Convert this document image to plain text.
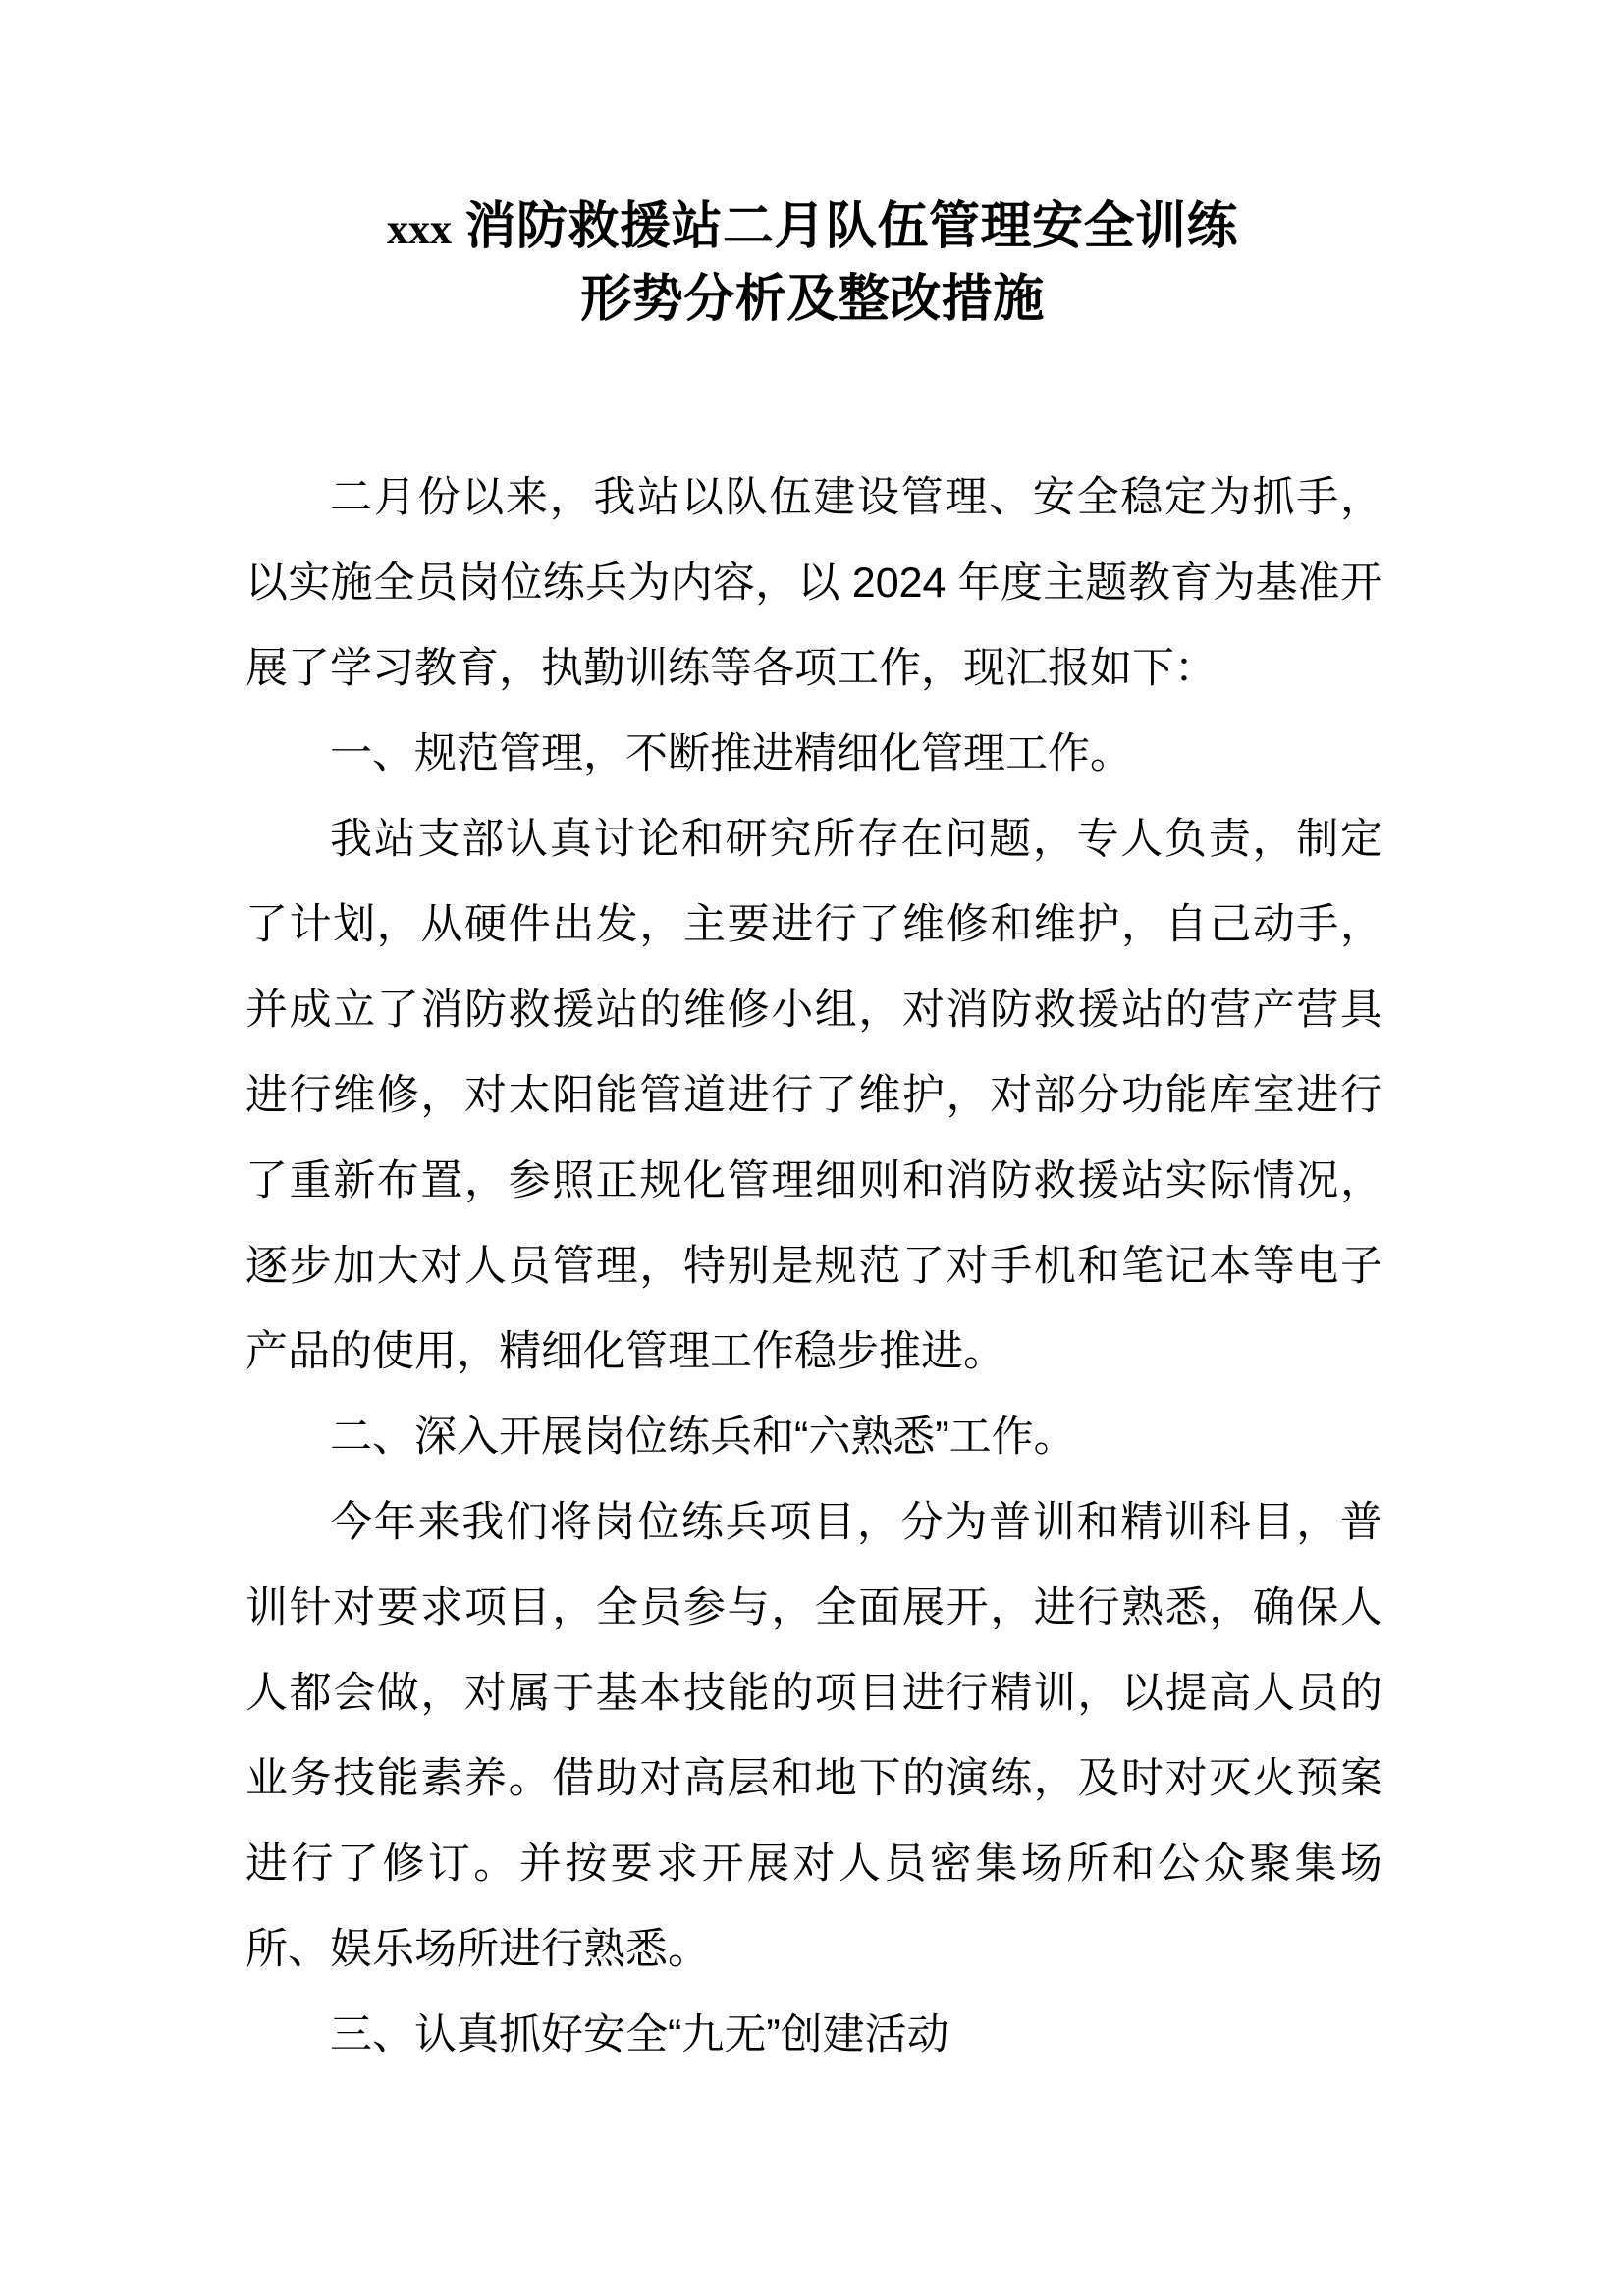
xxx 消防救援站二月队伍管理安全训练
形势分析及整改措施

二月份以来，我站以队伍建设管理、安全稳定为抓手，以实施全员岗位练兵为内容，以 2024 年度主题教育为基准开展了学习教育，执勤训练等各项工作，现汇报如下：

一、规范管理，不断推进精细化管理工作。

我站支部认真讨论和研究所存在问题，专人负责，制定了计划，从硬件出发，主要进行了维修和维护，自己动手，并成立了消防救援站的维修小组，对消防救援站的营产营具进行维修，对太阳能管道进行了维护，对部分功能库室进行了重新布置，参照正规化管理细则和消防救援站实际情况，逐步加大对人员管理，特别是规范了对手机和笔记本等电子产品的使用，精细化管理工作稳步推进。

二、深入开展岗位练兵和“六熟悉”工作。

今年来我们将岗位练兵项目，分为普训和精训科目，普训针对要求项目，全员参与，全面展开，进行熟悉，确保人人都会做，对属于基本技能的项目进行精训，以提高人员的业务技能素养。借助对高层和地下的演练，及时对灭火预案进行了修订。并按要求开展对人员密集场所和公众聚集场所、娱乐场所进行熟悉。

三、认真抓好安全“九无”创建活动
